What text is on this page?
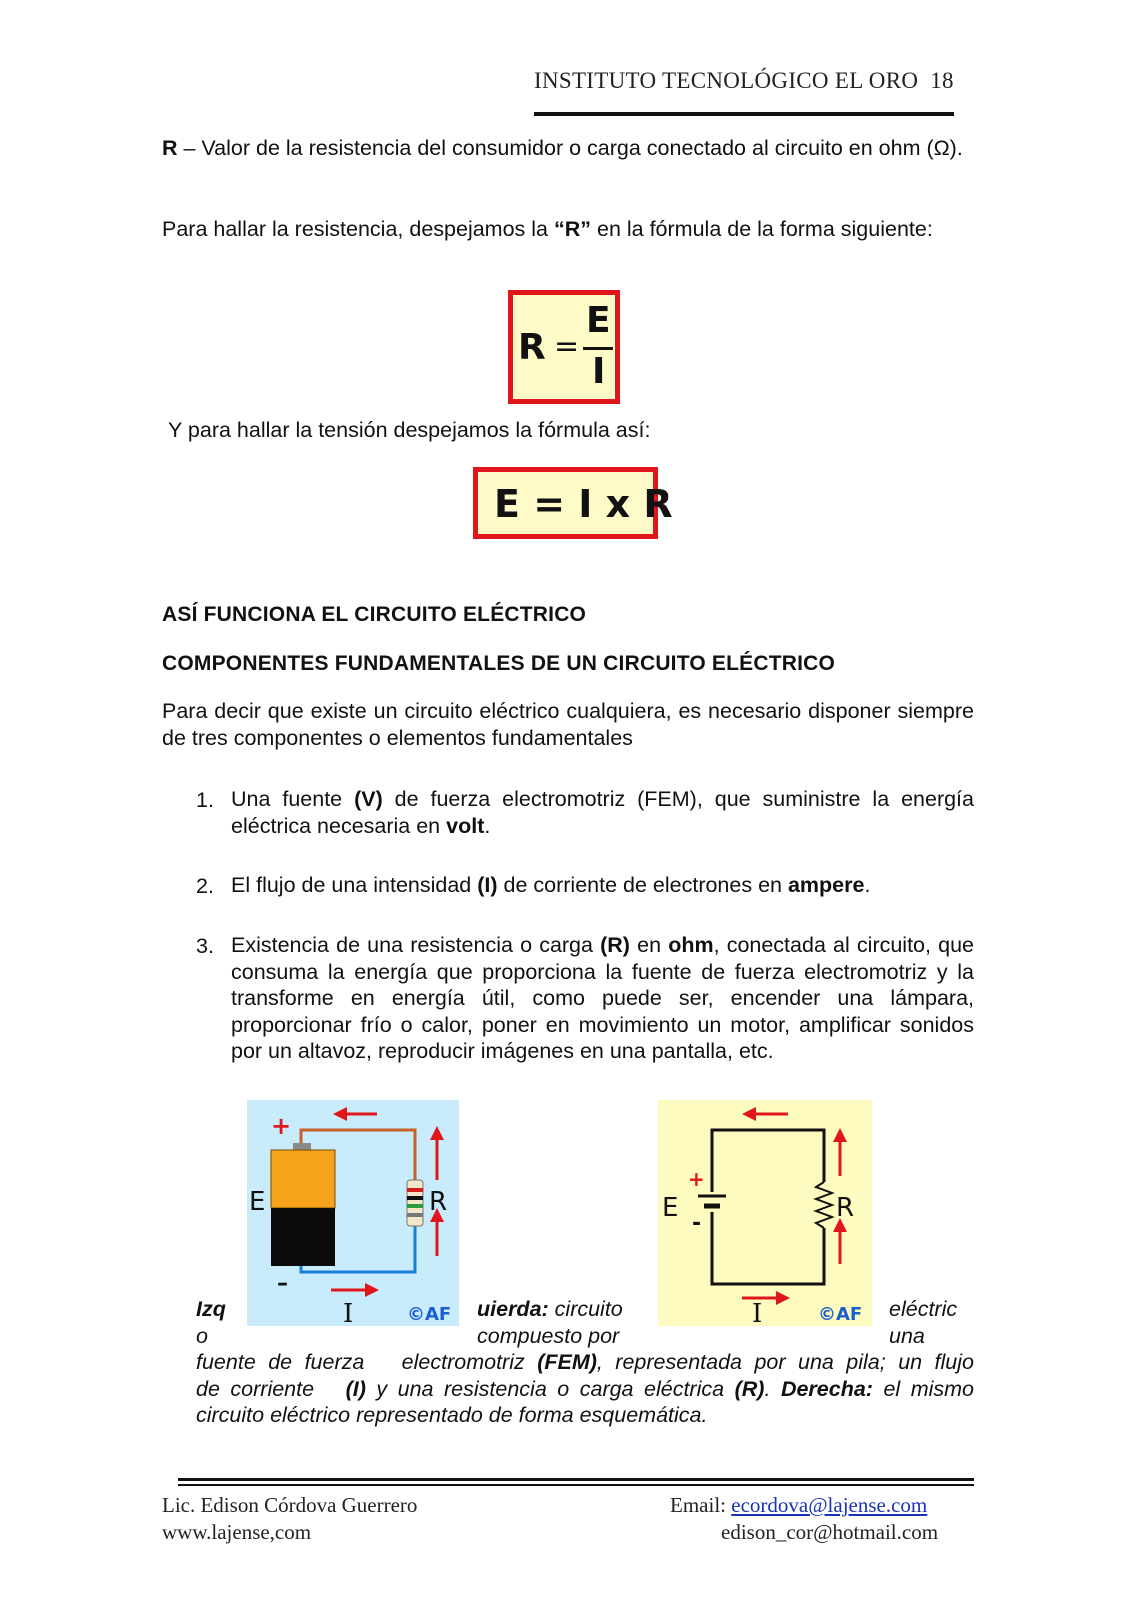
INSTITUTO TECNOLÓGICO EL ORO 18
R – Valor de la resistencia del consumidor o carga conectado al circuito en ohm (Ω).
Para hallar la resistencia, despejamos la “R” en la fórmula de la forma siguiente:
R =
E
I
Y para hallar la tensión despejamos la fórmula así:
E = I x R
ASÍ FUNCIONA EL CIRCUITO ELÉCTRICO
COMPONENTES FUNDAMENTALES DE UN CIRCUITO ELÉCTRICO
Para decir que existe un circuito eléctrico cualquiera, es necesario disponer siempre de tres componentes o elementos fundamentales
1. Una fuente (V) de fuerza electromotriz (FEM), que suministre la energía eléctrica necesaria en volt.
2. El flujo de una intensidad (I) de corriente de electrones en ampere.
3. Existencia de una resistencia o carga (R) en ohm, conectada al circuito, que consuma la energía que proporciona la fuente de fuerza electromotriz y la transforme en energía útil, como puede ser, encender una lámpara, proporcionar frío o calor, poner en movimiento un motor, amplificar sonidos por un altavoz, reproducir imágenes en una pantalla, etc.
+
–
E	R
I	©AF
+
-
E	R
I	©AF
Izq
o
uierda: circuito
compuesto por
eléctric
una
fuente de fuerza   electromotriz (FEM), representada por una pila; un flujo
de corriente   (I) y una resistencia o carga eléctrica (R). Derecha: el mismo
circuito eléctrico representado de forma esquemática.
Lic. Edison Córdova Guerrero
www.lajense,com
Email: ecordova@lajense.com
edison_cor@hotmail.com
